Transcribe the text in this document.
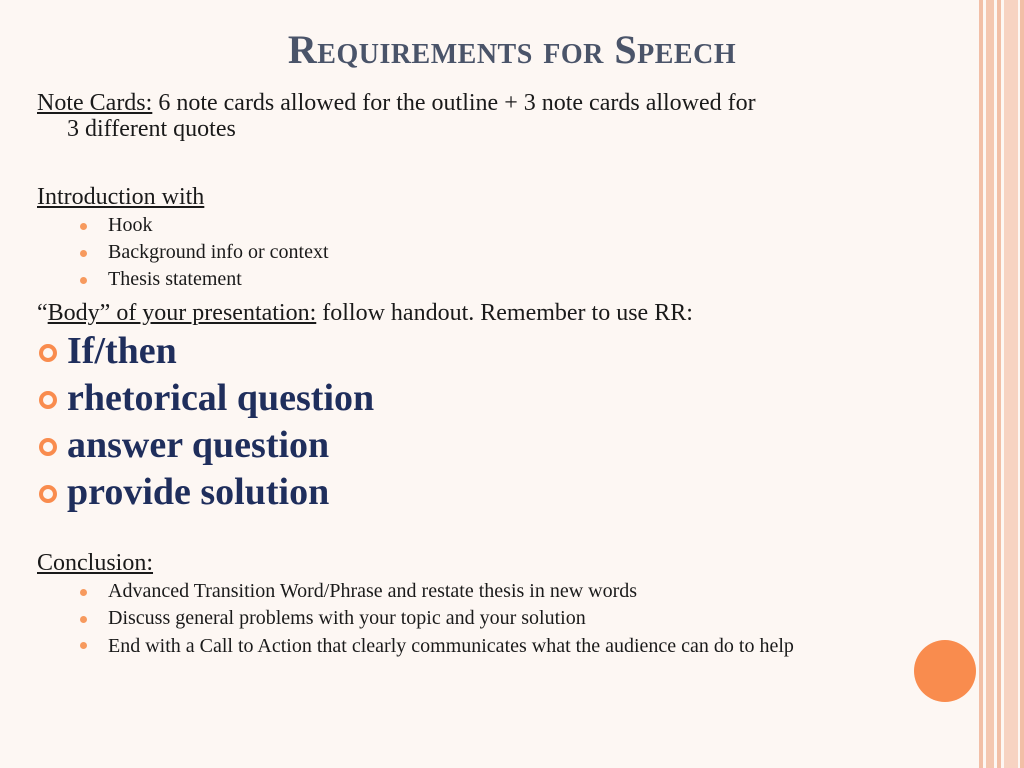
Requirements for Speech
Note Cards: 6 note cards allowed for the outline + 3 note cards allowed for
3 different quotes
Introduction with
Hook
Background info or context
Thesis statement
“Body” of your presentation: follow handout. Remember to use RR:
If/then
rhetorical question
answer question
provide solution
Conclusion:
Advanced Transition Word/Phrase and restate thesis in new words
Discuss general problems with your topic and your solution
End with a Call to Action that clearly communicates what the audience can do to help
